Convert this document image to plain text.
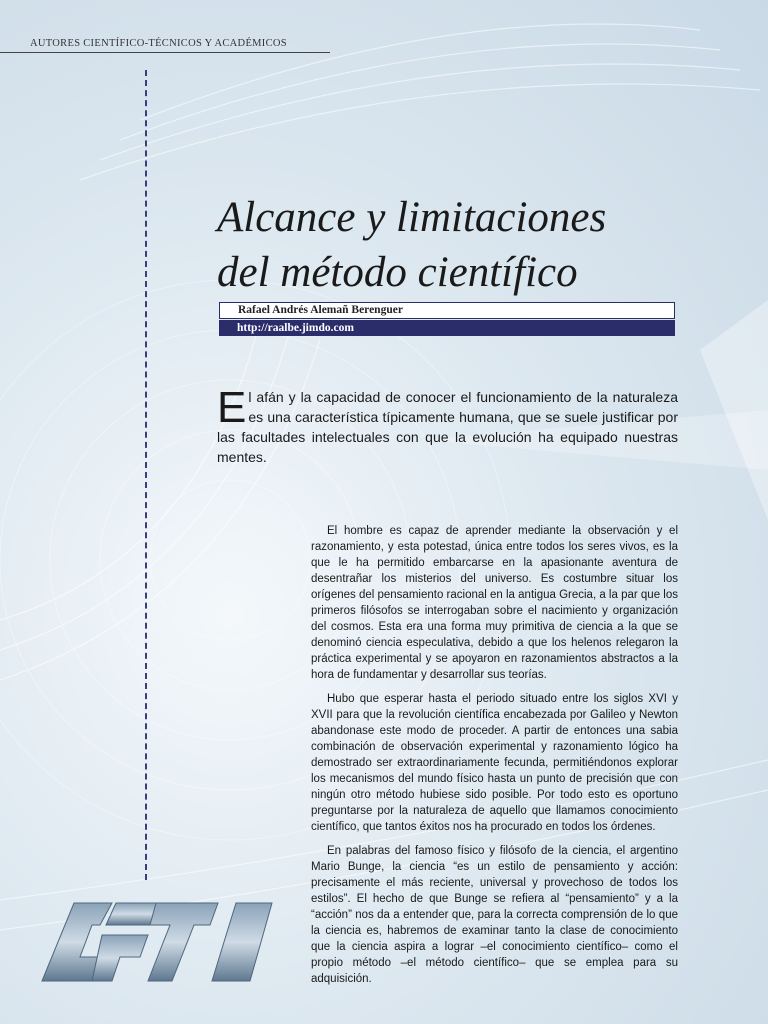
AUTORES CIENTÍFICO-TÉCNICOS Y ACADÉMICOS
Alcance y limitaciones
del método científico
Rafael Andrés Alemañ Berenguer
http://raalbe.jimdo.com

El afán y la capacidad de conocer el funcionamiento de la naturaleza es una característica típicamente humana, que se suele justificar por las facultades intelectuales con que la evolución ha equipado nuestras mentes.

El hombre es capaz de aprender mediante la observación y el razonamiento, y esta potestad, única entre todos los seres vivos, es la que le ha permitido embarcarse en la apasionante aventura de desentrañar los misterios del universo. Es costumbre situar los orígenes del pensamiento racional en la antigua Grecia, a la par que los primeros filósofos se interrogaban sobre el nacimiento y organización del cosmos. Esta era una forma muy primitiva de ciencia a la que se denominó ciencia especulativa, debido a que los helenos relegaron la práctica experimental y se apoyaron en razonamientos abstractos a la hora de fundamentar y desarrollar sus teorías.

Hubo que esperar hasta el periodo situado entre los siglos XVI y XVII para que la revolución científica encabezada por Galileo y Newton abandonase este modo de proceder. A partir de entonces una sabia combinación de observación experimental y razonamiento lógico ha demostrado ser extraordinariamente fecunda, permitiéndonos explorar los mecanismos del mundo físico hasta un punto de precisión que con ningún otro método hubiese sido posible. Por todo esto es oportuno preguntarse por la naturaleza de aquello que llamamos conocimiento científico, que tantos éxitos nos ha procurado en todos los órdenes.

En palabras del famoso físico y filósofo de la ciencia, el argentino Mario Bunge, la ciencia “es un estilo de pensamiento y acción: precisamente el más reciente, universal y provechoso de todos los estilos”. El hecho de que Bunge se refiera al “pensamiento” y a la “acción” nos da a entender que, para la correcta comprensión de lo que la ciencia es, habremos de examinar tanto la clase de conocimiento que la ciencia aspira a lograr –el conocimiento científico– como el propio método –el método científico– que se emplea para su adquisición.
